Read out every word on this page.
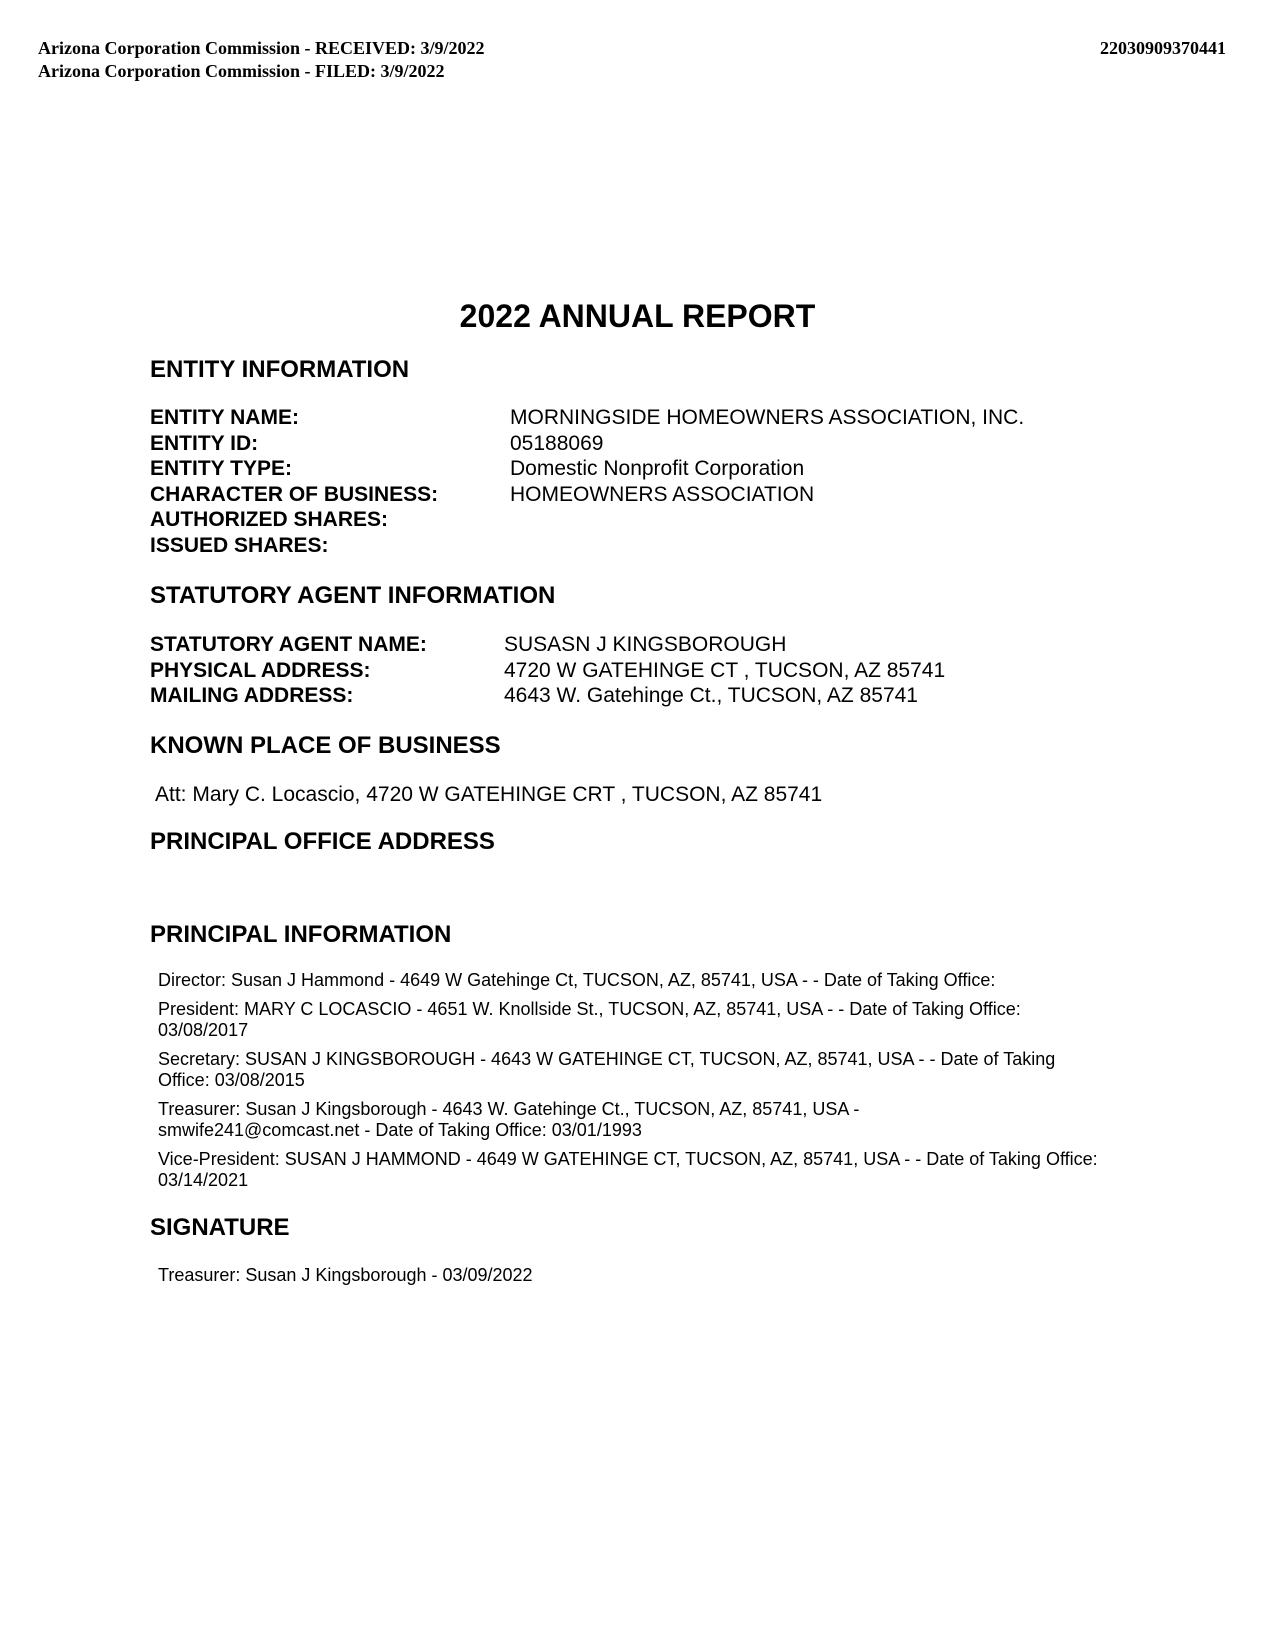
Arizona Corporation Commission - RECEIVED: 3/9/2022
Arizona Corporation Commission - FILED: 3/9/2022
22030909370441
2022 ANNUAL REPORT
ENTITY INFORMATION
ENTITY NAME:	MORNINGSIDE HOMEOWNERS ASSOCIATION, INC.
ENTITY ID:	05188069
ENTITY TYPE:	Domestic Nonprofit Corporation
CHARACTER OF BUSINESS:	HOMEOWNERS ASSOCIATION
AUTHORIZED SHARES:
ISSUED SHARES:
STATUTORY AGENT INFORMATION
STATUTORY AGENT NAME:	SUSASN J KINGSBOROUGH
PHYSICAL ADDRESS:	4720 W GATEHINGE CT , TUCSON, AZ 85741
MAILING ADDRESS:	4643 W. Gatehinge Ct., TUCSON, AZ 85741
KNOWN PLACE OF BUSINESS
Att: Mary C. Locascio, 4720 W GATEHINGE CRT , TUCSON, AZ 85741
PRINCIPAL OFFICE ADDRESS
PRINCIPAL INFORMATION
Director: Susan J Hammond - 4649 W Gatehinge Ct, TUCSON, AZ, 85741, USA - - Date of Taking Office:
President: MARY C LOCASCIO - 4651 W. Knollside St., TUCSON, AZ, 85741, USA - - Date of Taking Office: 03/08/2017
Secretary: SUSAN J KINGSBOROUGH - 4643 W GATEHINGE CT, TUCSON, AZ, 85741, USA - - Date of Taking Office: 03/08/2015
Treasurer: Susan J Kingsborough - 4643 W. Gatehinge Ct., TUCSON, AZ, 85741, USA - smwife241@comcast.net - Date of Taking Office: 03/01/1993
Vice-President: SUSAN J HAMMOND - 4649 W GATEHINGE CT, TUCSON, AZ, 85741, USA - - Date of Taking Office: 03/14/2021
SIGNATURE
Treasurer: Susan J Kingsborough - 03/09/2022
